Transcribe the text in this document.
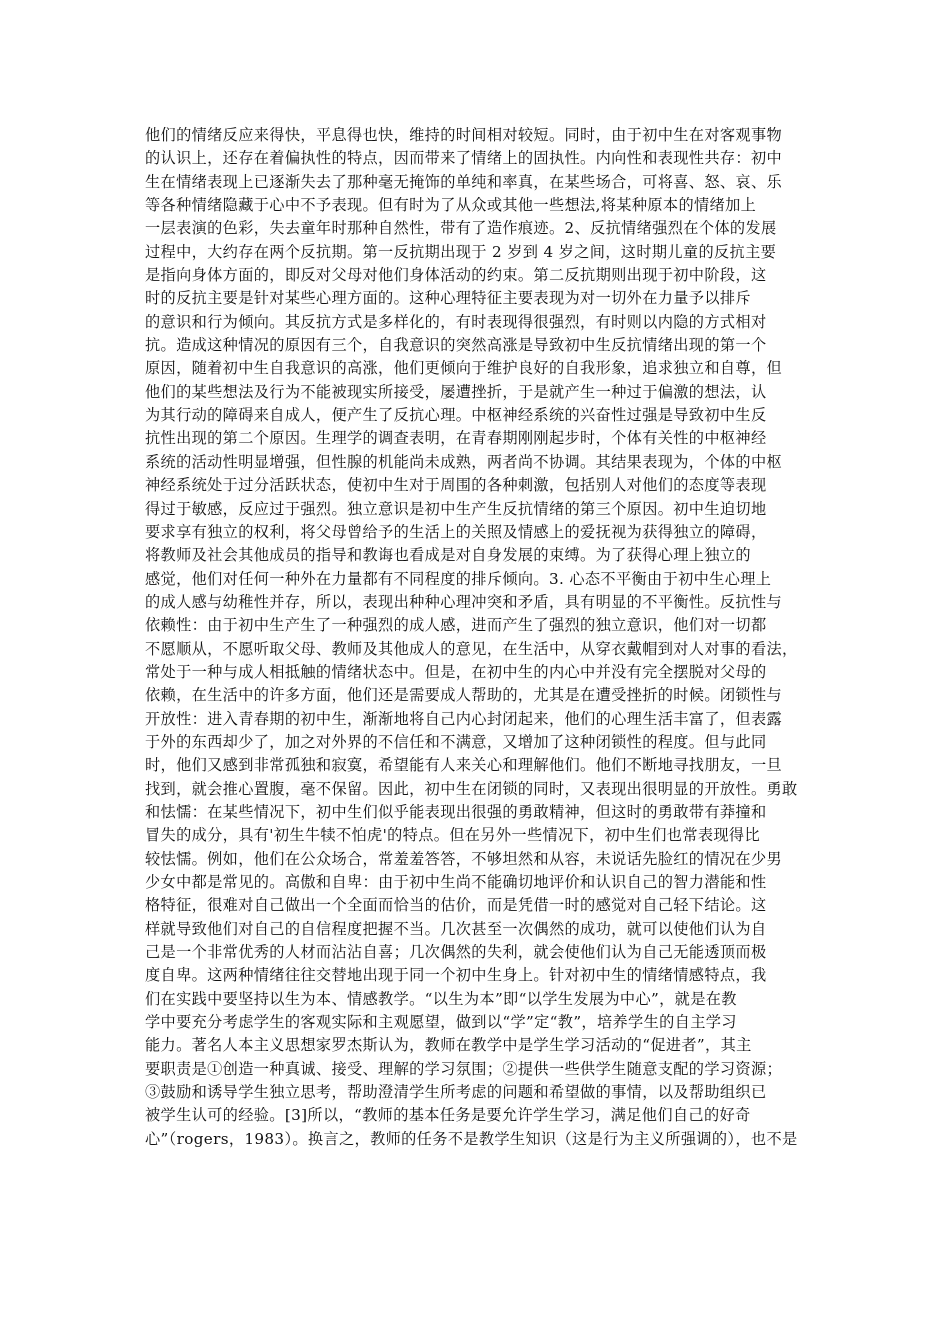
他们的情绪反应来得快，平息得也快，维持的时间相对较短。同时，由于初中生在对客观事物
的认识上，还存在着偏执性的特点，因而带来了情绪上的固执性。内向性和表现性共存：初中
生在情绪表现上已逐渐失去了那种毫无掩饰的单纯和率真，在某些场合，可将喜、怒、哀、乐
等各种情绪隐藏于心中不予表现。但有时为了从众或其他一些想法,将某种原本的情绪加上
一层表演的色彩，失去童年时那种自然性，带有了造作痕迹。2、反抗情绪强烈在个体的发展
过程中，大约存在两个反抗期。第一反抗期出现于 2 岁到 4 岁之间，这时期儿童的反抗主要
是指向身体方面的，即反对父母对他们身体活动的约束。第二反抗期则出现于初中阶段，这
时的反抗主要是针对某些心理方面的。这种心理特征主要表现为对一切外在力量予以排斥
的意识和行为倾向。其反抗方式是多样化的，有时表现得很强烈，有时则以内隐的方式相对
抗。造成这种情况的原因有三个，自我意识的突然高涨是导致初中生反抗情绪出现的第一个
原因，随着初中生自我意识的高涨，他们更倾向于维护良好的自我形象，追求独立和自尊，但
他们的某些想法及行为不能被现实所接受，屡遭挫折，于是就产生一种过于偏激的想法，认
为其行动的障碍来自成人，便产生了反抗心理。中枢神经系统的兴奋性过强是导致初中生反
抗性出现的第二个原因。生理学的调查表明，在青春期刚刚起步时，个体有关性的中枢神经
系统的活动性明显增强，但性腺的机能尚未成熟，两者尚不协调。其结果表现为，个体的中枢
神经系统处于过分活跃状态，使初中生对于周围的各种刺激，包括别人对他们的态度等表现
得过于敏感，反应过于强烈。独立意识是初中生产生反抗情绪的第三个原因。初中生迫切地
要求享有独立的权利，将父母曾给予的生活上的关照及情感上的爱抚视为获得独立的障碍，
将教师及社会其他成员的指导和教诲也看成是对自身发展的束缚。为了获得心理上独立的
感觉，他们对任何一种外在力量都有不同程度的排斥倾向。3. 心态不平衡由于初中生心理上
的成人感与幼稚性并存，所以，表现出种种心理冲突和矛盾，具有明显的不平衡性。反抗性与
依赖性：由于初中生产生了一种强烈的成人感，进而产生了强烈的独立意识，他们对一切都
不愿顺从，不愿听取父母、教师及其他成人的意见，在生活中，从穿衣戴帽到对人对事的看法，
常处于一种与成人相抵触的情绪状态中。但是，在初中生的内心中并没有完全摆脱对父母的
依赖，在生活中的许多方面，他们还是需要成人帮助的，尤其是在遭受挫折的时候。闭锁性与
开放性：进入青春期的初中生，渐渐地将自己内心封闭起来，他们的心理生活丰富了，但表露
于外的东西却少了，加之对外界的不信任和不满意，又增加了这种闭锁性的程度。但与此同
时，他们又感到非常孤独和寂寞，希望能有人来关心和理解他们。他们不断地寻找朋友，一旦
找到，就会推心置腹，毫不保留。因此，初中生在闭锁的同时，又表现出很明显的开放性。勇敢
和怯懦：在某些情况下，初中生们似乎能表现出很强的勇敢精神，但这时的勇敢带有莽撞和
冒失的成分，具有'初生牛犊不怕虎'的特点。但在另外一些情况下，初中生们也常表现得比
较怯懦。例如，他们在公众场合，常羞羞答答，不够坦然和从容，未说话先脸红的情况在少男
少女中都是常见的。高傲和自卑：由于初中生尚不能确切地评价和认识自己的智力潜能和性
格特征，很难对自己做出一个全面而恰当的估价，而是凭借一时的感觉对自己轻下结论。这
样就导致他们对自己的自信程度把握不当。几次甚至一次偶然的成功，就可以使他们认为自
己是一个非常优秀的人材而沾沾自喜；几次偶然的失利，就会使他们认为自己无能透顶而极
度自卑。这两种情绪往往交替地出现于同一个初中生身上。针对初中生的情绪情感特点，我
们在实践中要坚持以生为本、情感教学。“以生为本”即“以学生发展为中心”，就是在教
学中要充分考虑学生的客观实际和主观愿望，做到以“学”定“教”，培养学生的自主学习
能力。著名人本主义思想家罗杰斯认为，教师在教学中是学生学习活动的“促进者”，其主
要职责是①创造一种真诚、接受、理解的学习氛围；②提供一些供学生随意支配的学习资源；
③鼓励和诱导学生独立思考，帮助澄清学生所考虑的问题和希望做的事情，以及帮助组织已
被学生认可的经验。[3]所以，“教师的基本任务是要允许学生学习，满足他们自己的好奇
心”（rogers，1983）。换言之，教师的任务不是教学生知识（这是行为主义所强调的），也不是
